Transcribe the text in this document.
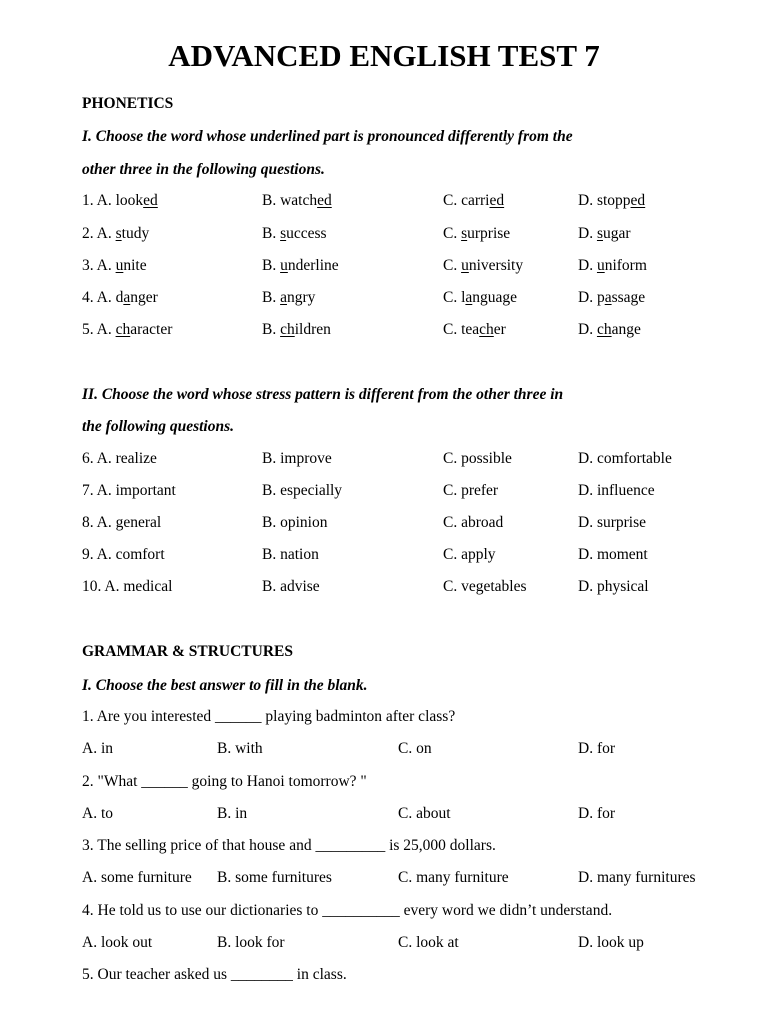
ADVANCED ENGLISH TEST 7
PHONETICS
I. Choose the word whose underlined part is pronounced differently from the
other three in the following questions.
II. Choose the word whose stress pattern is different from the other three in
the following questions.
GRAMMAR & STRUCTURES
I. Choose the best answer to fill in the blank.
1. A. looked	B. watched	C. carried	D. stopped
2. A. study	B. success	C. surprise	D. sugar
3. A. unite	B. underline	C. university	D. uniform
4. A. danger	B. angry	C. language	D. passage
5. A. character	B. children	C. teacher	D. change
6. A. realize	B. improve	C. possible	D. comfortable
7. A. important	B. especially	C. prefer	D. influence
8. A. general	B. opinion	C. abroad	D. surprise
9. A. comfort	B. nation	C. apply	D. moment
10. A. medical	B. advise	C. vegetables	D. physical
1. Are you interested ______ playing badminton after class?
A. in	B. with	C. on	D. for
2. "What ______ going to Hanoi tomorrow? "
A. to	B. in	C. about	D. for
3. The selling price of that house and _________ is 25,000 dollars.
A. some furniture B. some furnitures	C. many furniture	D. many furnitures
4. He told us to use our dictionaries to __________ every word we didn’t understand.
A. look out	B. look for	C. look at	D. look up
5. Our teacher asked us ________ in class.
